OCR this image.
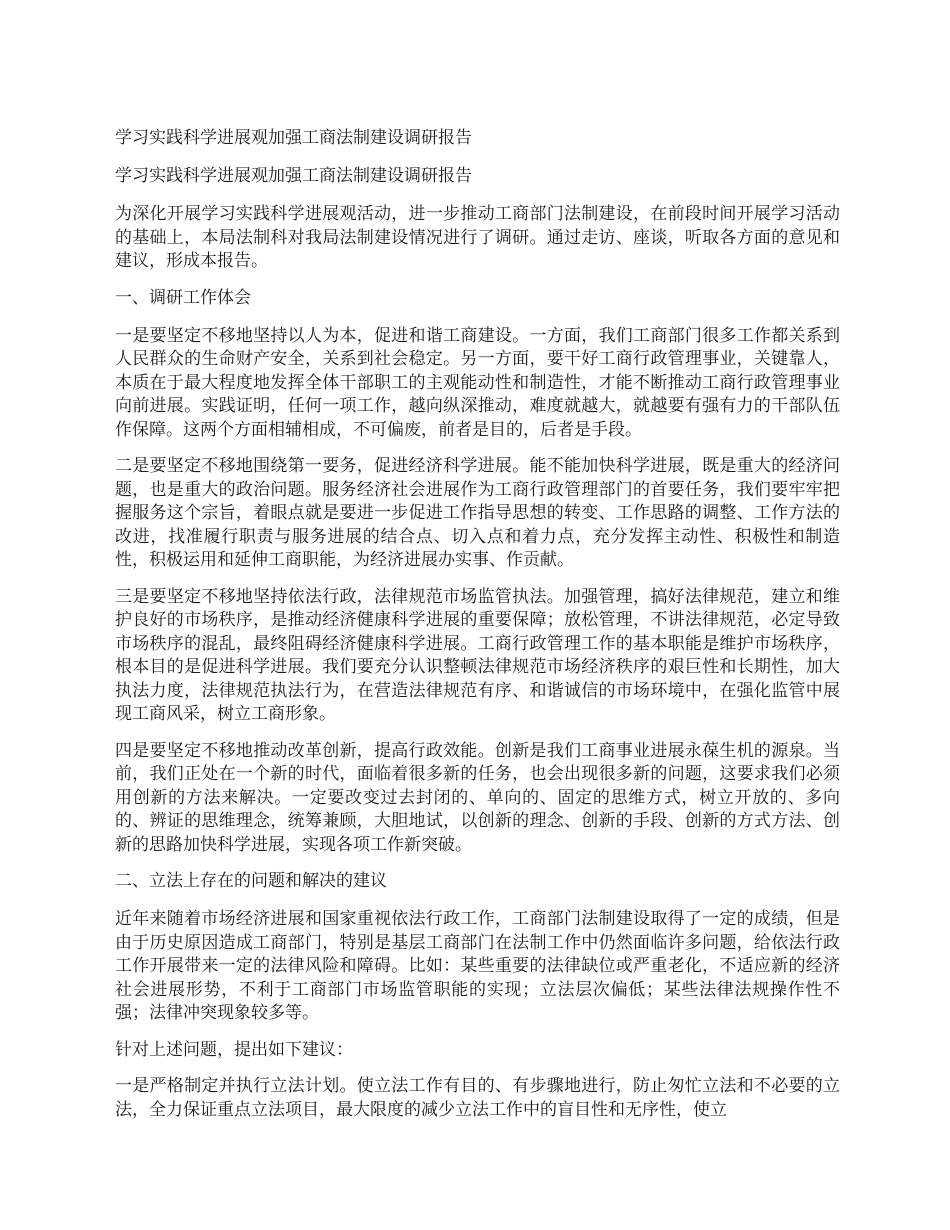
学习实践科学进展观加强工商法制建设调研报告

学习实践科学进展观加强工商法制建设调研报告

为深化开展学习实践科学进展观活动，进一步推动工商部门法制建设，在前段时间开展学习活动的基础上，本局法制科对我局法制建设情况进行了调研。通过走访、座谈，听取各方面的意见和建议，形成本报告。

一、调研工作体会

一是要坚定不移地坚持以人为本，促进和谐工商建设。一方面，我们工商部门很多工作都关系到人民群众的生命财产安全，关系到社会稳定。另一方面，要干好工商行政管理事业，关键靠人，本质在于最大程度地发挥全体干部职工的主观能动性和制造性，才能不断推动工商行政管理事业向前进展。实践证明，任何一项工作，越向纵深推动，难度就越大，就越要有强有力的干部队伍作保障。这两个方面相辅相成，不可偏废，前者是目的，后者是手段。

二是要坚定不移地围绕第一要务，促进经济科学进展。能不能加快科学进展，既是重大的经济问题，也是重大的政治问题。服务经济社会进展作为工商行政管理部门的首要任务，我们要牢牢把握服务这个宗旨，着眼点就是要进一步促进工作指导思想的转变、工作思路的调整、工作方法的改进，找准履行职责与服务进展的结合点、切入点和着力点，充分发挥主动性、积极性和制造性，积极运用和延伸工商职能，为经济进展办实事、作贡献。

三是要坚定不移地坚持依法行政，法律规范市场监管执法。加强管理，搞好法律规范，建立和维护良好的市场秩序，是推动经济健康科学进展的重要保障；放松管理，不讲法律规范，必定导致市场秩序的混乱，最终阻碍经济健康科学进展。工商行政管理工作的基本职能是维护市场秩序，根本目的是促进科学进展。我们要充分认识整顿法律规范市场经济秩序的艰巨性和长期性，加大执法力度，法律规范执法行为，在营造法律规范有序、和谐诚信的市场环境中，在强化监管中展现工商风采，树立工商形象。

四是要坚定不移地推动改革创新，提高行政效能。创新是我们工商事业进展永葆生机的源泉。当前，我们正处在一个新的时代，面临着很多新的任务，也会出现很多新的问题，这要求我们必须用创新的方法来解决。一定要改变过去封闭的、单向的、固定的思维方式，树立开放的、多向的、辨证的思维理念，统筹兼顾，大胆地试，以创新的理念、创新的手段、创新的方式方法、创新的思路加快科学进展，实现各项工作新突破。

二、立法上存在的问题和解决的建议

近年来随着市场经济进展和国家重视依法行政工作，工商部门法制建设取得了一定的成绩，但是由于历史原因造成工商部门，特别是基层工商部门在法制工作中仍然面临许多问题，给依法行政工作开展带来一定的法律风险和障碍。比如：某些重要的法律缺位或严重老化，不适应新的经济社会进展形势，不利于工商部门市场监管职能的实现；立法层次偏低；某些法律法规操作性不强；法律冲突现象较多等。

针对上述问题，提出如下建议：

一是严格制定并执行立法计划。使立法工作有目的、有步骤地进行，防止匆忙立法和不必要的立法，全力保证重点立法项目，最大限度的减少立法工作中的盲目性和无序性，使立
